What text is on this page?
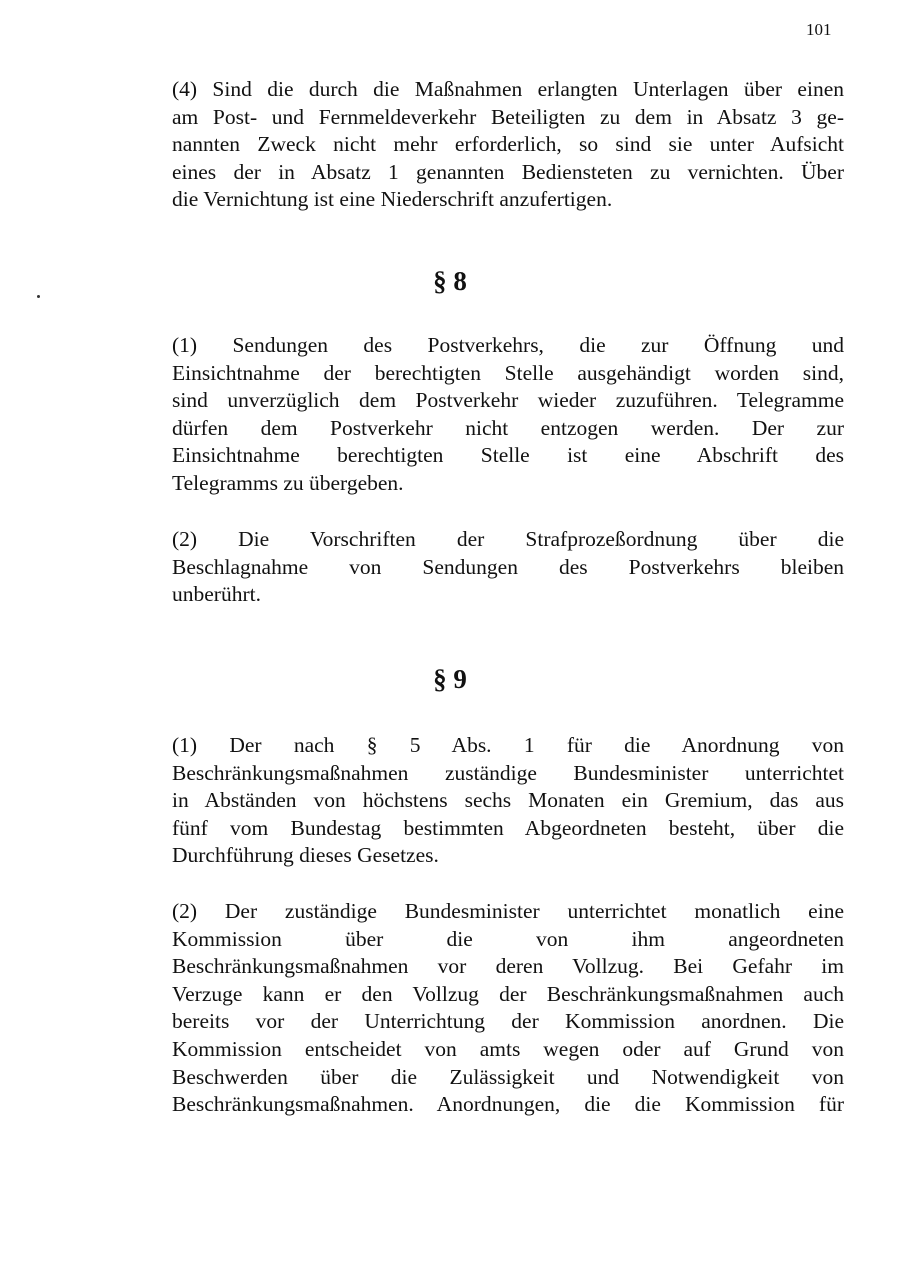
101

(4) Sind die durch die Maßnahmen erlangten Unterlagen über einen
am Post- und Fernmeldeverkehr Beteiligten zu dem in Absatz 3 ge-
nannten Zweck nicht mehr erforderlich, so sind sie unter Aufsicht
eines der in Absatz 1 genannten Bediensteten zu vernichten. Über
die Vernichtung ist eine Niederschrift anzufertigen.

§ 8

(1) Sendungen des Postverkehrs, die zur Öffnung und
Einsichtnahme der berechtigten Stelle ausgehändigt worden sind,
sind unverzüglich dem Postverkehr wieder zuzuführen. Telegramme
dürfen dem Postverkehr nicht entzogen werden. Der zur
Einsichtnahme berechtigten Stelle ist eine Abschrift des
Telegramms zu übergeben.

(2) Die Vorschriften der Strafprozeßordnung über die
Beschlagnahme von Sendungen des Postverkehrs bleiben
unberührt.

§ 9

(1) Der nach § 5 Abs. 1 für die Anordnung von
Beschränkungsmaßnahmen zuständige Bundesminister unterrichtet
in Abständen von höchstens sechs Monaten ein Gremium, das aus
fünf vom Bundestag bestimmten Abgeordneten besteht, über die
Durchführung dieses Gesetzes.

(2) Der zuständige Bundesminister unterrichtet monatlich eine
Kommission über die von ihm angeordneten
Beschränkungsmaßnahmen vor deren Vollzug. Bei Gefahr im
Verzuge kann er den Vollzug der Beschränkungsmaßnahmen auch
bereits vor der Unterrichtung der Kommission anordnen. Die
Kommission entscheidet von amts wegen oder auf Grund von
Beschwerden über die Zulässigkeit und Notwendigkeit von
Beschränkungsmaßnahmen. Anordnungen, die die Kommission für
